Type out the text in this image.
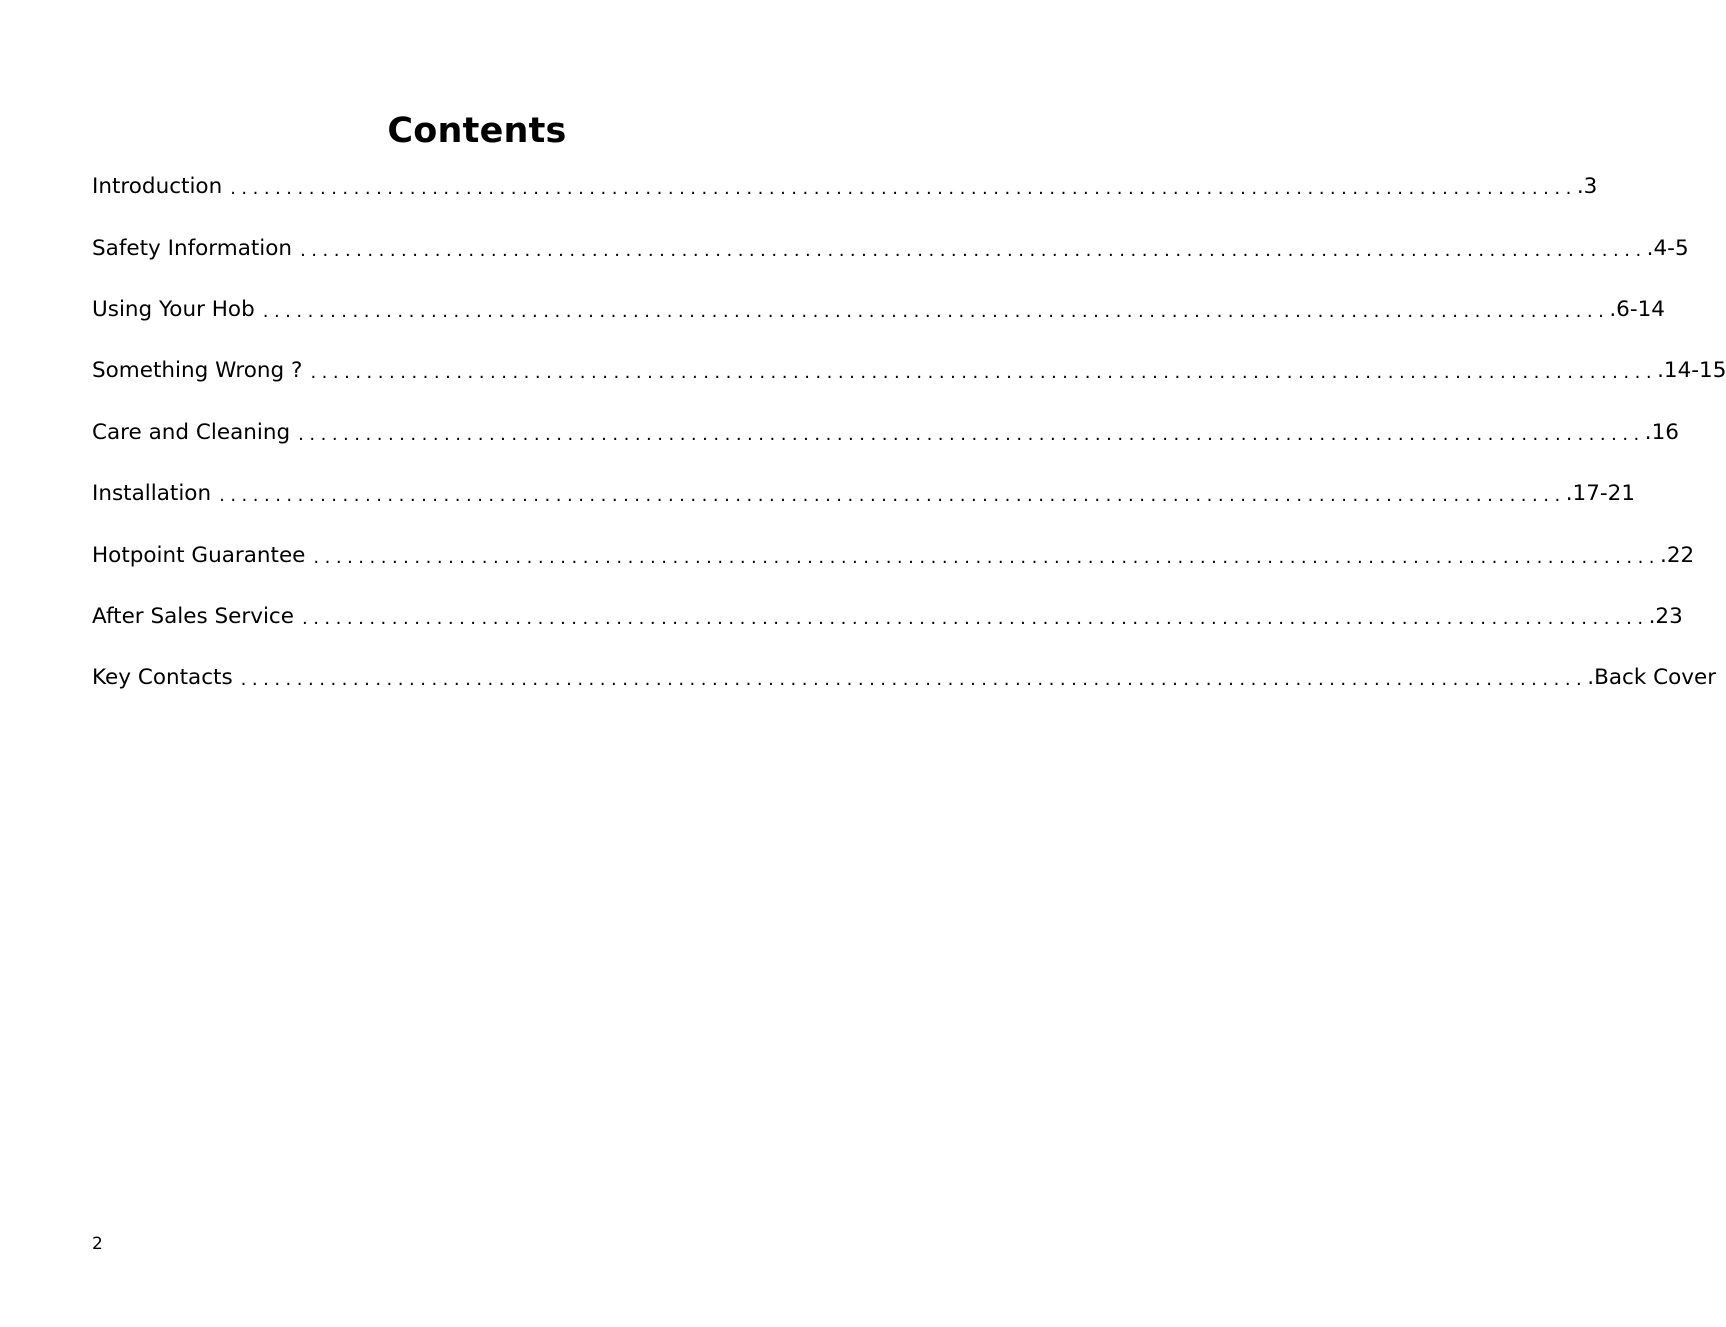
Contents
Introduction ........................................................................................................................ .3
Safety Information ........................................................................................................................ .4-5
Using Your Hob ........................................................................................................................ .6-14
Something Wrong ? ........................................................................................................................ .14-15
Care and Cleaning ........................................................................................................................ .16
Installation ........................................................................................................................ .17-21
Hotpoint Guarantee ........................................................................................................................ .22
After Sales Service ........................................................................................................................ .23
Key Contacts ........................................................................................................................ .Back Cover
2
